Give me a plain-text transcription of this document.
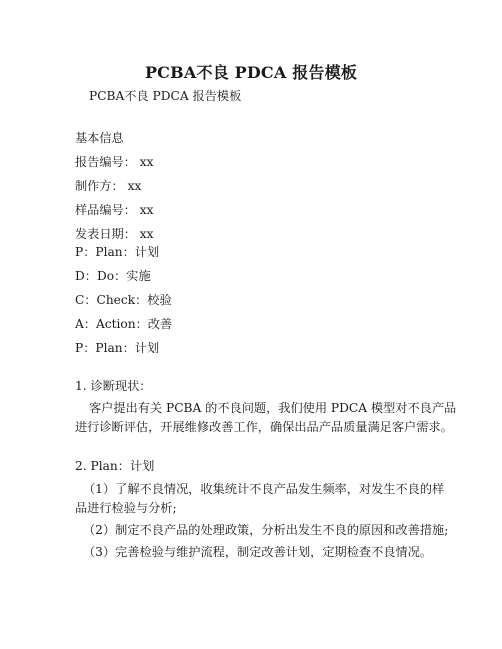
PCBA不良 PDCA 报告模板
PCBA不良 PDCA 报告模板
基本信息
报告编号： xx
制作方： xx
样品编号： xx
发表日期： xx
P：Plan：计划
D：Do：实施
C：Check：校验
A：Action：改善
P：Plan：计划
1. 诊断现状：
客户提出有关 PCBA 的不良问题，我们使用 PDCA 模型对不良产品
进行诊断评估，开展维修改善工作，确保出品产品质量满足客户需求。
2. Plan：计划
（1）了解不良情况，收集统计不良产品发生频率，对发生不良的样
品进行检验与分析;
（2）制定不良产品的处理政策，分析出发生不良的原因和改善措施;
（3）完善检验与维护流程，制定改善计划，定期检查不良情况。
